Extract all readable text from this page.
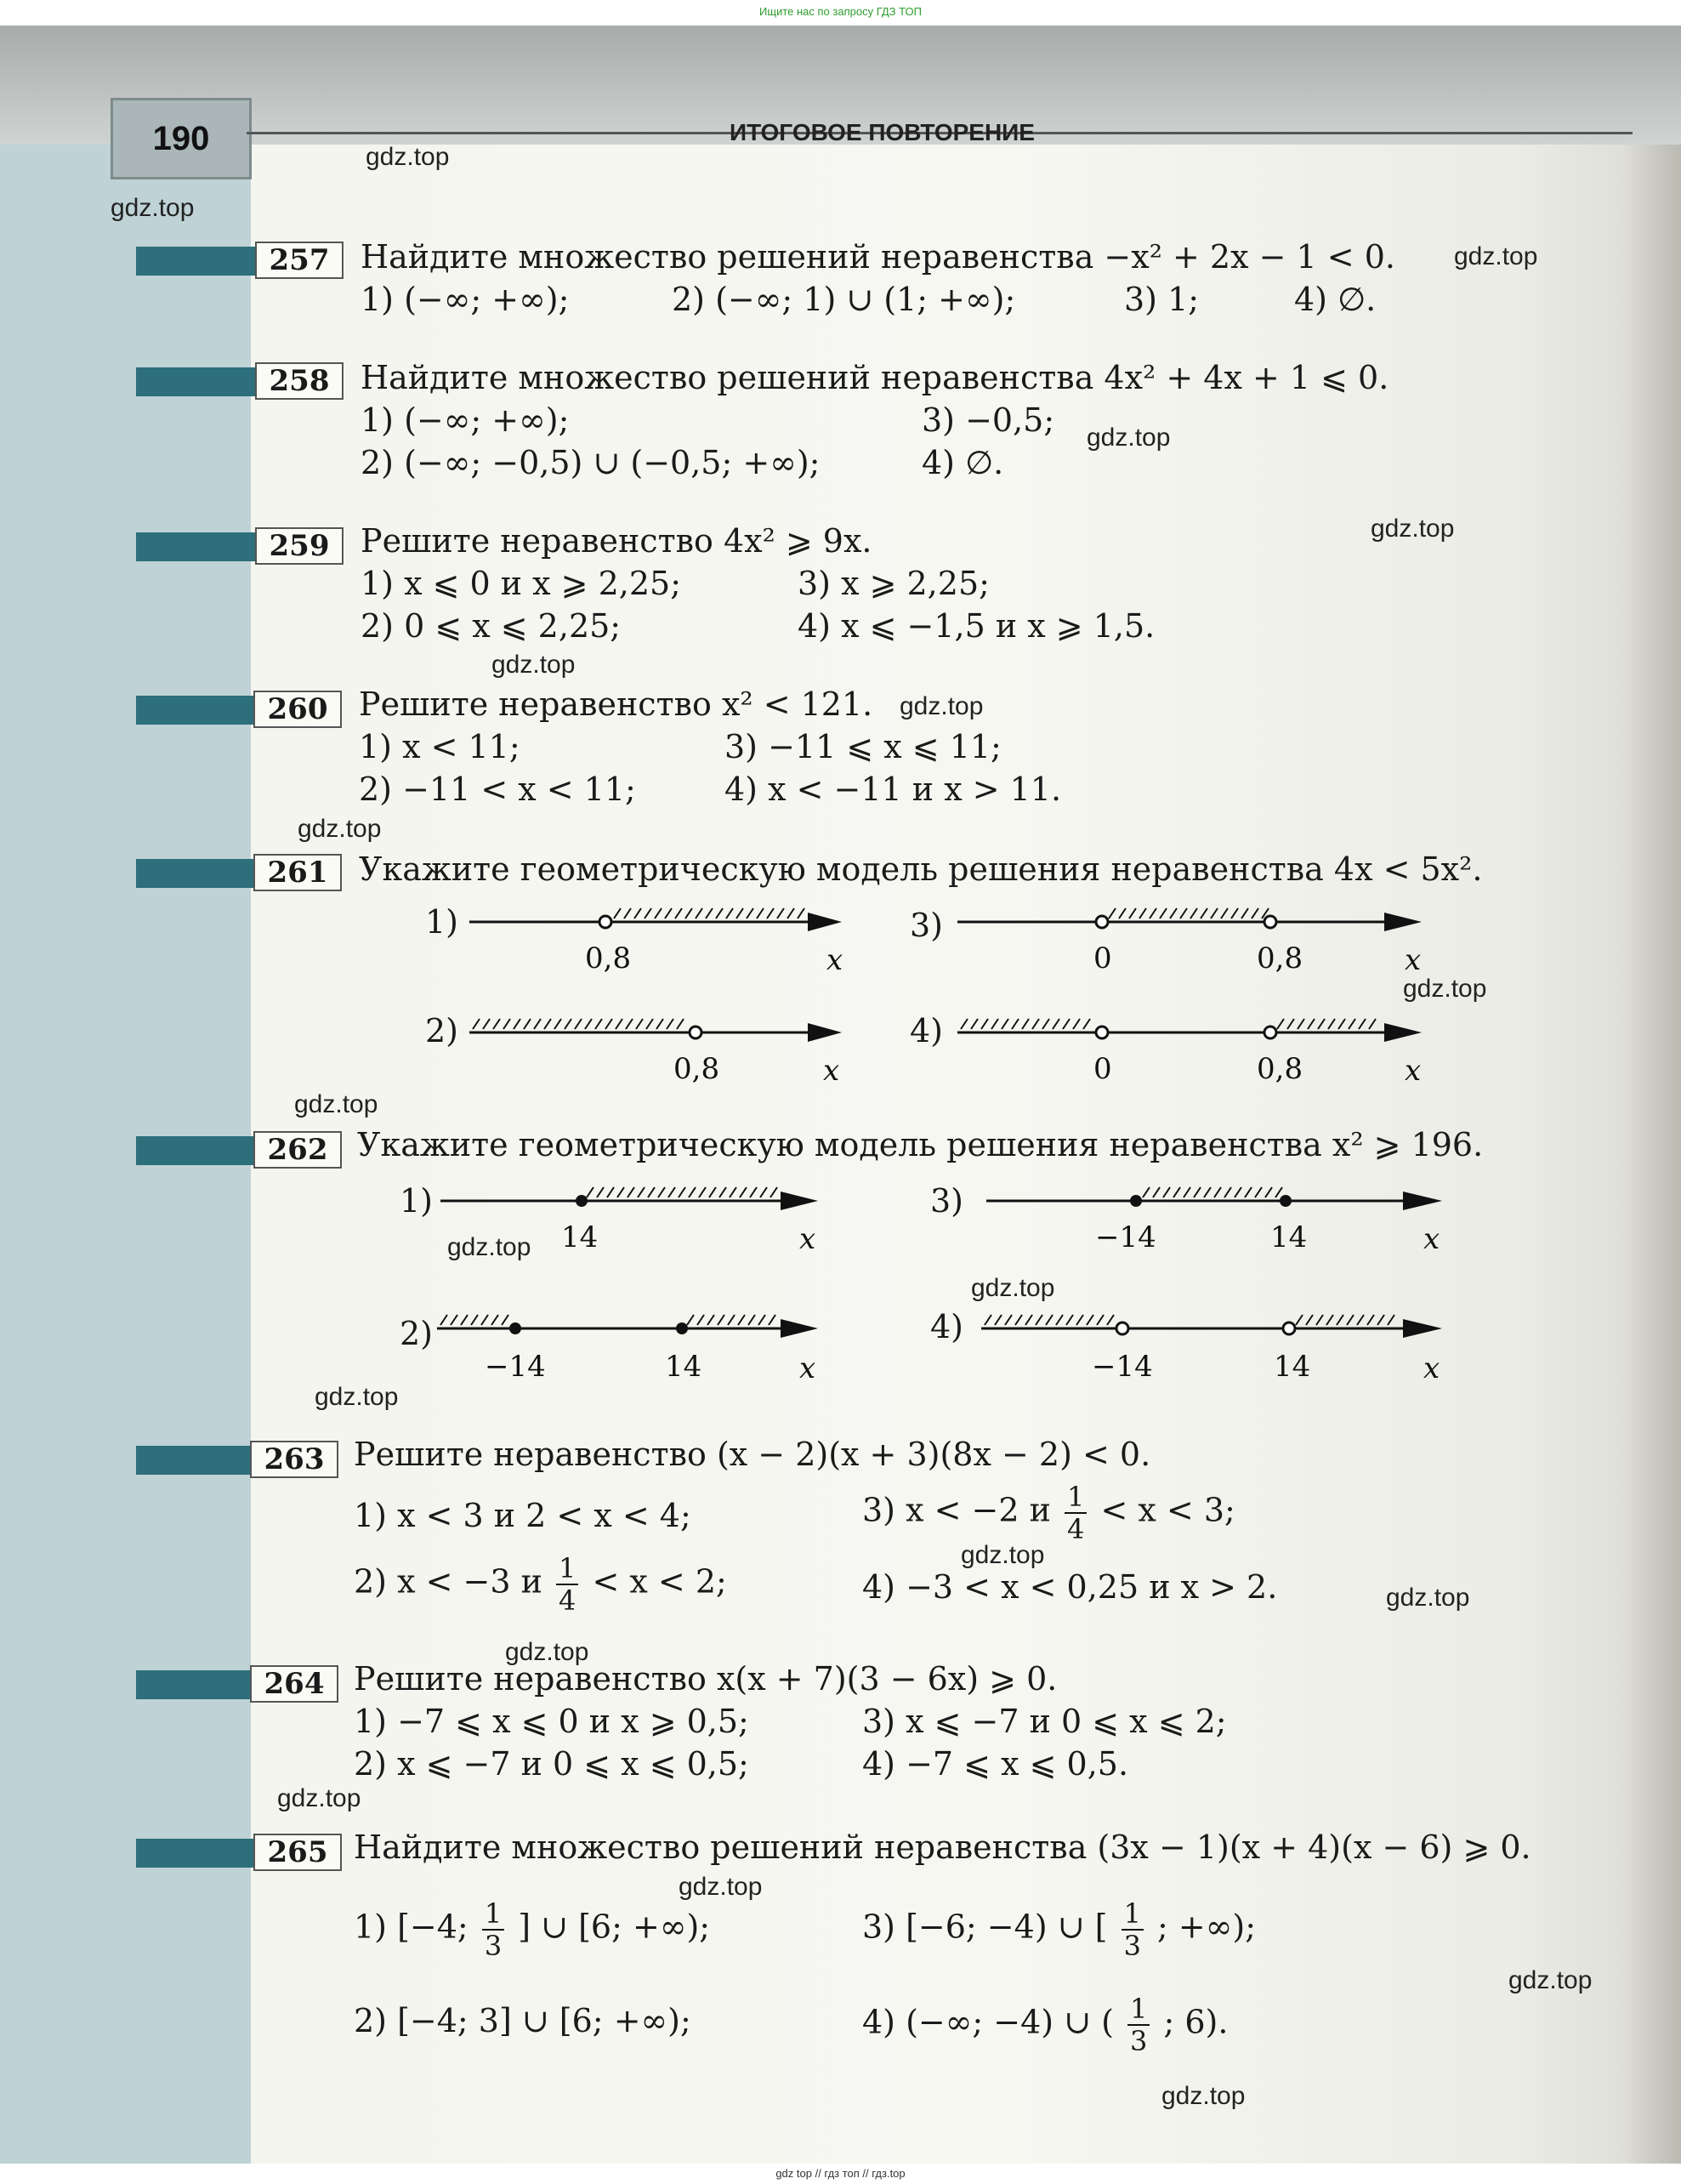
Ищите нас по запросу ГДЗ ТОП
190	ИТОГОВОЕ ПОВТОРЕНИЕ
gdz.top
gdz.top
gdz.top
gdz.top
gdz.top
gdz.top
gdz.top
gdz.top
gdz.top
gdz.top
gdz.top
gdz.top
gdz.top
gdz.top
gdz.top
gdz.top
gdz.top
gdz.top
gdz.top
gdz.top
257 Найдите множество решений неравенства −x² + 2x − 1 < 0.
1) (−∞; +∞);	2) (−∞; 1) ∪ (1; +∞);	3) 1;	4) ∅.
258 Найдите множество решений неравенства 4x² + 4x + 1 ⩽ 0.
1) (−∞; +∞);	3) −0,5;
2) (−∞; −0,5) ∪ (−0,5; +∞);	4) ∅.
259 Решите неравенство 4x² ⩾ 9x.
1) x ⩽ 0 и x ⩾ 2,25;	3) x ⩾ 2,25;
2) 0 ⩽ x ⩽ 2,25;	4) x ⩽ −1,5 и x ⩾ 1,5.
260 Решите неравенство x² < 121.
1) x < 11;	3) −11 ⩽ x ⩽ 11;
2) −11 < x < 11;	4) x < −11 и x > 11.
261 Укажите геометрическую модель решения неравенства 4x < 5x².
1)	3)
2)	4)
0,8	x	0	0,8	x
0,8	x	0	0,8	x
14	x	−14	14	x
−14	14	x	−14	14	x
262 Укажите геометрическую модель решения неравенства x² ⩾ 196.
1)	3)
2)	4)
263 Решите неравенство (x − 2)(x + 3)(8x − 2) < 0.
1) x < 3 и 2 < x < 4;	3) x < −2 и $\frac{1}{4} < x < 3$;
2) x < −3 и $\frac{1}{4} < x < 2$;	4) −3 < x < 0,25 и x > 2.
264 Решите неравенство x(x + 7)(3 − 6x) ⩾ 0.
1) −7 ⩽ x ⩽ 0 и x ⩾ 0,5;	3) x ⩽ −7 и 0 ⩽ x ⩽ 2;
2) x ⩽ −7 и 0 ⩽ x ⩽ 0,5;	4) −7 ⩽ x ⩽ 0,5.
265 Найдите множество решений неравенства (3x − 1)(x + 4)(x − 6) ⩾ 0.
1) [−4; $\frac{1}{3}$ ] ∪ [6; +∞);	3) [−6; −4) ∪ [ $\frac{1}{3}$ ; +∞);
2) [−4; 3] ∪ [6; +∞);	4) (−∞; −4) ∪ ( $\frac{1}{3}$ ; 6).
gdz top // гдз топ // гдз.top
